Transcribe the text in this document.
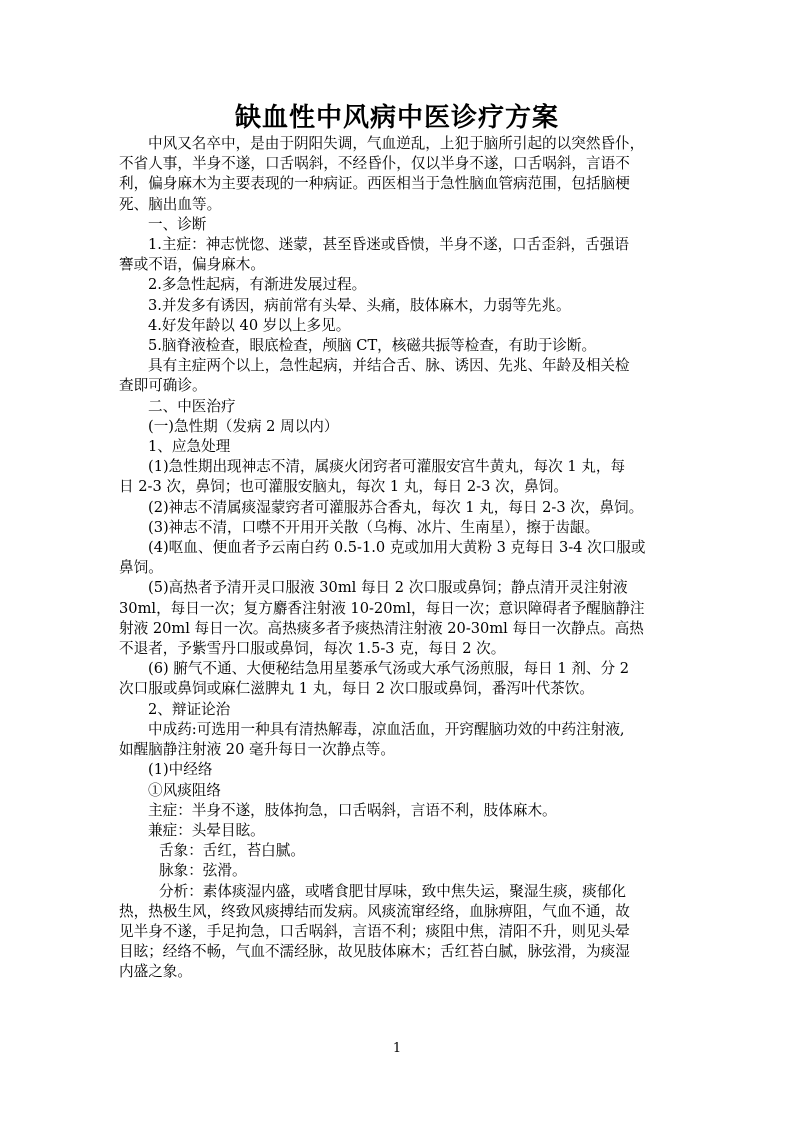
缺血性中风病中医诊疗方案

中风又名卒中，是由于阴阳失调，气血逆乱，上犯于脑所引起的以突然昏仆，

不省人事，半身不遂，口舌㖞斜，不经昏仆，仅以半身不遂，口舌㖞斜，言语不

利，偏身麻木为主要表现的一种病证。西医相当于急性脑血管病范围，包括脑梗

死、脑出血等。

一、诊断

1.主症：神志恍惚、迷蒙，甚至昏迷或昏愦，半身不遂，口舌歪斜，舌强语

謇或不语，偏身麻木。

2.多急性起病，有渐进发展过程。

3.并发多有诱因，病前常有头晕、头痛，肢体麻木，力弱等先兆。

4.好发年龄以 40 岁以上多见。

5.脑脊液检查，眼底检查，颅脑 CT，核磁共振等检查，有助于诊断。

具有主症两个以上，急性起病，并结合舌、脉、诱因、先兆、年龄及相关检

查即可确诊。

二、中医治疗

(一)急性期（发病 2 周以内）

1、应急处理

(1)急性期出现神志不清，属痰火闭窍者可灌服安宫牛黄丸，每次 1 丸，每

日 2-3 次，鼻饲；也可灌服安脑丸，每次 1 丸，每日 2-3 次，鼻饲。

(2)神志不清属痰湿蒙窍者可灌服苏合香丸，每次 1 丸，每日 2-3 次，鼻饲。

(3)神志不清，口噤不开用开关散（乌梅、冰片、生南星），擦于齿龈。

(4)呕血、便血者予云南白药 0.5-1.0 克或加用大黄粉 3 克每日 3-4 次口服或

鼻饲。

(5)高热者予清开灵口服液 30ml 每日 2 次口服或鼻饲；静点清开灵注射液

30ml，每日一次；复方麝香注射液 10-20ml，每日一次；意识障碍者予醒脑静注

射液 20ml 每日一次。高热痰多者予痰热清注射液 20-30ml 每日一次静点。高热

不退者，予紫雪丹口服或鼻饲，每次 1.5-3 克，每日 2 次。

(6) 腑气不通、大便秘结急用星蒌承气汤或大承气汤煎服，每日 1 剂、分 2

次口服或鼻饲或麻仁滋脾丸 1 丸，每日 2 次口服或鼻饲，番泻叶代茶饮。

2、辩证论治

中成药:可选用一种具有清热解毒，凉血活血，开窍醒脑功效的中药注射液,

如醒脑静注射液 20 毫升每日一次静点等。

(1)中经络

①风痰阻络

主症：半身不遂，肢体拘急，口舌㖞斜，言语不利，肢体麻木。

兼症：头晕目眩。

舌象：舌红，苔白腻。

脉象：弦滑。

分析：素体痰湿内盛，或嗜食肥甘厚味，致中焦失运，聚湿生痰，痰郁化

热，热极生风，终致风痰搏结而发病。风痰流窜经络，血脉痹阻，气血不通，故

见半身不遂，手足拘急，口舌㖞斜，言语不利；痰阻中焦，清阳不升，则见头晕

目眩；经络不畅，气血不濡经脉，故见肢体麻木；舌红苔白腻，脉弦滑，为痰湿

内盛之象。

1
